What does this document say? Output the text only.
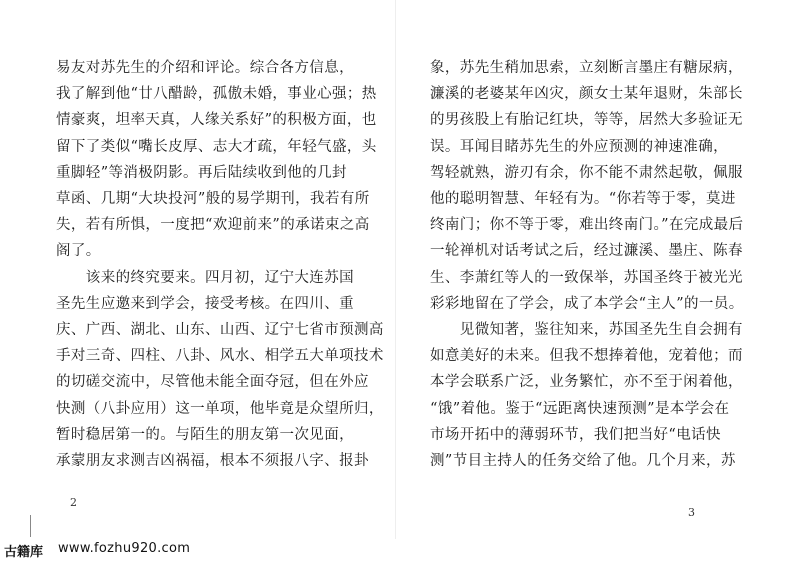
易友对苏先生的介绍和评论。综合各方信息，
我了解到他“廿八醋龄，孤傲未婚，事业心强；热
情豪爽，坦率天真，人缘关系好”的积极方面，也
留下了类似“嘴长皮厚、志大才疏，年轻气盛，头
重脚轻”等消极阴影。再后陆续收到他的几封
草函、几期“大块投河”般的易学期刊，我若有所
失，若有所惧，一度把“欢迎前来”的承诺束之高
阁了。
　　该来的终究要来。四月初，辽宁大连苏国
圣先生应邀来到学会，接受考核。在四川、重
庆、广西、湖北、山东、山西、辽宁七省市预测高
手对三奇、四柱、八卦、风水、相学五大单项技术
的切磋交流中，尽管他未能全面夺冠，但在外应
快测（八卦应用）这一单项，他毕竟是众望所归，
暂时稳居第一的。与陌生的朋友第一次见面，
承蒙朋友求测吉凶祸福，根本不须报八字、报卦
2
象，苏先生稍加思索，立刻断言墨庄有糖尿病，
濂溪的老婆某年凶灾，颜女士某年退财，朱部长
的男孩股上有胎记红块，等等，居然大多验证无
误。耳闻目睹苏先生的外应预测的神速准确，
驾轻就熟，游刃有余，你不能不肃然起敬，佩服
他的聪明智慧、年轻有为。“你若等于零，莫进
终南门；你不等于零，难出终南门。”在完成最后
一轮禅机对话考试之后，经过濂溪、墨庄、陈春
生、李萧红等人的一致保举，苏国圣终于被光光
彩彩地留在了学会，成了本学会“主人”的一员。
　　见微知著，鉴往知来，苏国圣先生自会拥有
如意美好的未来。但我不想捧着他，宠着他；而
本学会联系广泛，业务繁忙，亦不至于闲着他，
“饿”着他。鉴于“远距离快速预测”是本学会在
市场开拓中的薄弱环节，我们把当好“电话快
测”节目主持人的任务交给了他。几个月来，苏
3
古籍库 www.fozhu920.com
